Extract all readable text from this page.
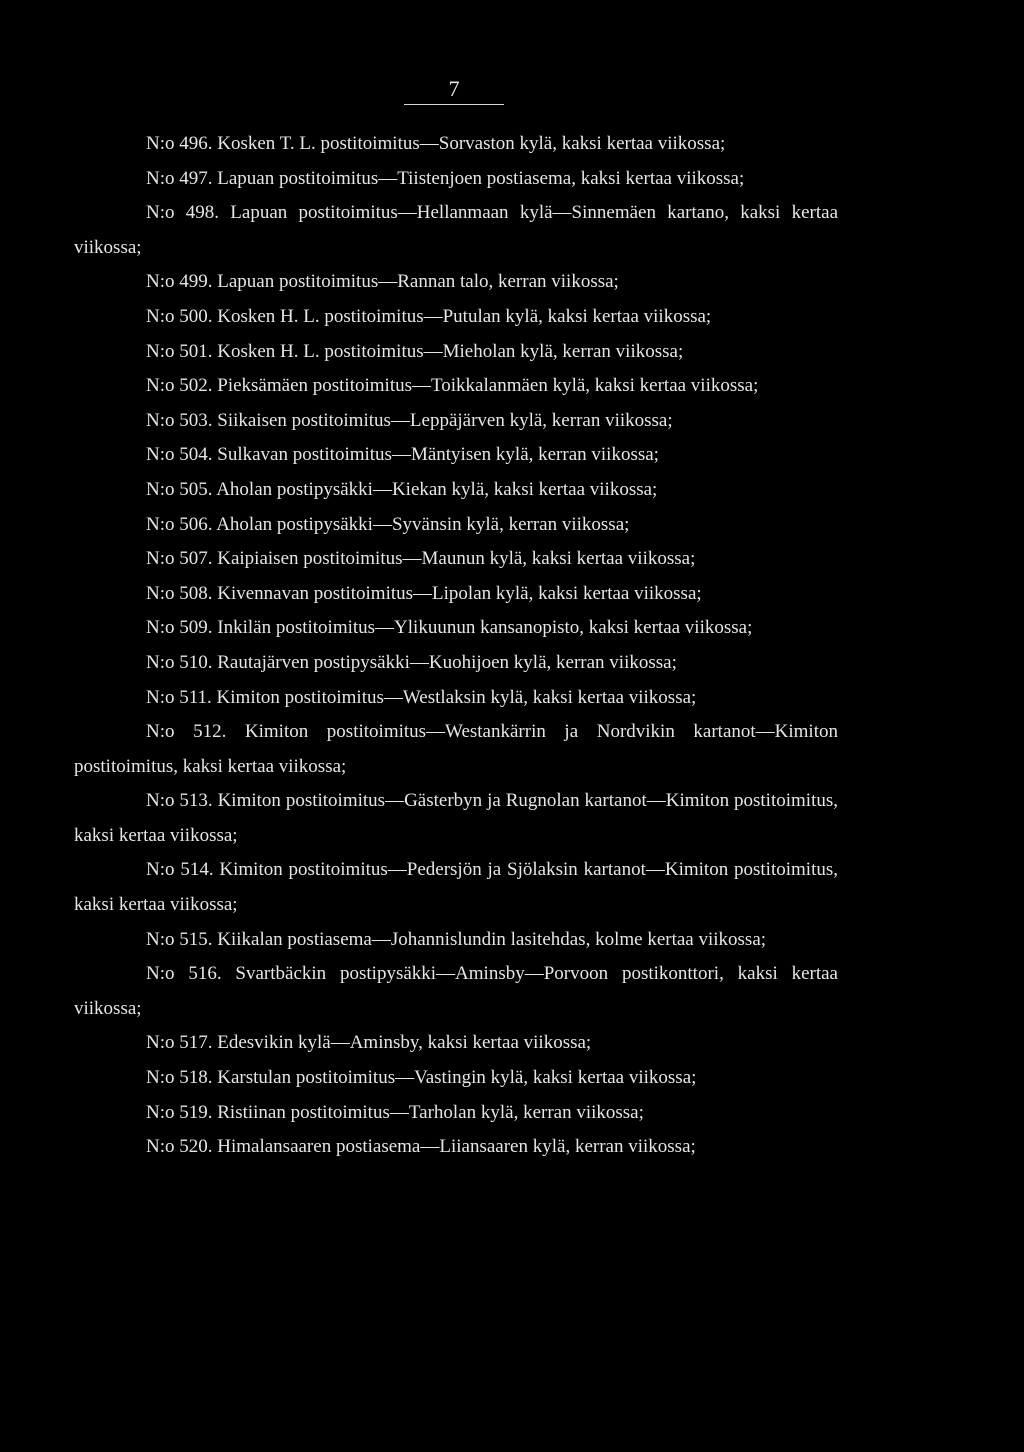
7

N:o 496. Kosken T. L. postitoimitus—Sorvaston kylä, kaksi kertaa viikossa;

N:o 497. Lapuan postitoimitus—Tiistenjoen postiasema, kaksi kertaa viikossa;

N:o 498. Lapuan postitoimitus—Hellanmaan kylä—Sinnemäen kartano, kaksi kertaa viikossa;

N:o 499. Lapuan postitoimitus—Rannan talo, kerran viikossa;

N:o 500. Kosken H. L. postitoimitus—Putulan kylä, kaksi kertaa viikossa;

N:o 501. Kosken H. L. postitoimitus—Mieholan kylä, kerran viikossa;

N:o 502. Pieksämäen postitoimitus—Toikkalanmäen kylä, kaksi kertaa viikossa;

N:o 503. Siikaisen postitoimitus—Leppäjärven kylä, kerran viikossa;

N:o 504. Sulkavan postitoimitus—Mäntyisen kylä, kerran viikossa;

N:o 505. Aholan postipysäkki—Kiekan kylä, kaksi kertaa viikossa;

N:o 506. Aholan postipysäkki—Syvänsin kylä, kerran viikossa;

N:o 507. Kaipiaisen postitoimitus—Maunun kylä, kaksi kertaa viikossa;

N:o 508. Kivennavan postitoimitus—Lipolan kylä, kaksi kertaa viikossa;

N:o 509. Inkilän postitoimitus—Ylikuunun kansanopisto, kaksi kertaa viikossa;

N:o 510. Rautajärven postipysäkki—Kuohijoen kylä, kerran viikossa;

N:o 511. Kimiton postitoimitus—Westlaksin kylä, kaksi kertaa viikossa;

N:o 512. Kimiton postitoimitus—Westankärrin ja Nordvikin kartanot—Kimiton postitoimitus, kaksi kertaa viikossa;

N:o 513. Kimiton postitoimitus—Gästerbyn ja Rugnolan kartanot—Kimiton postitoimitus, kaksi kertaa viikossa;

N:o 514. Kimiton postitoimitus—Pedersjön ja Sjölaksin kartanot—Kimiton postitoimitus, kaksi kertaa viikossa;

N:o 515. Kiikalan postiasema—Johannislundin lasitehdas, kolme kertaa viikossa;

N:o 516. Svartbäckin postipysäkki—Aminsby—Porvoon postikonttori, kaksi kertaa viikossa;

N:o 517. Edesvikin kylä—Aminsby, kaksi kertaa viikossa;

N:o 518. Karstulan postitoimitus—Vastingin kylä, kaksi kertaa viikossa;

N:o 519. Ristiinan postitoimitus—Tarholan kylä, kerran viikossa;

N:o 520. Himalansaaren postiasema—Liiansaaren kylä, kerran viikossa;
